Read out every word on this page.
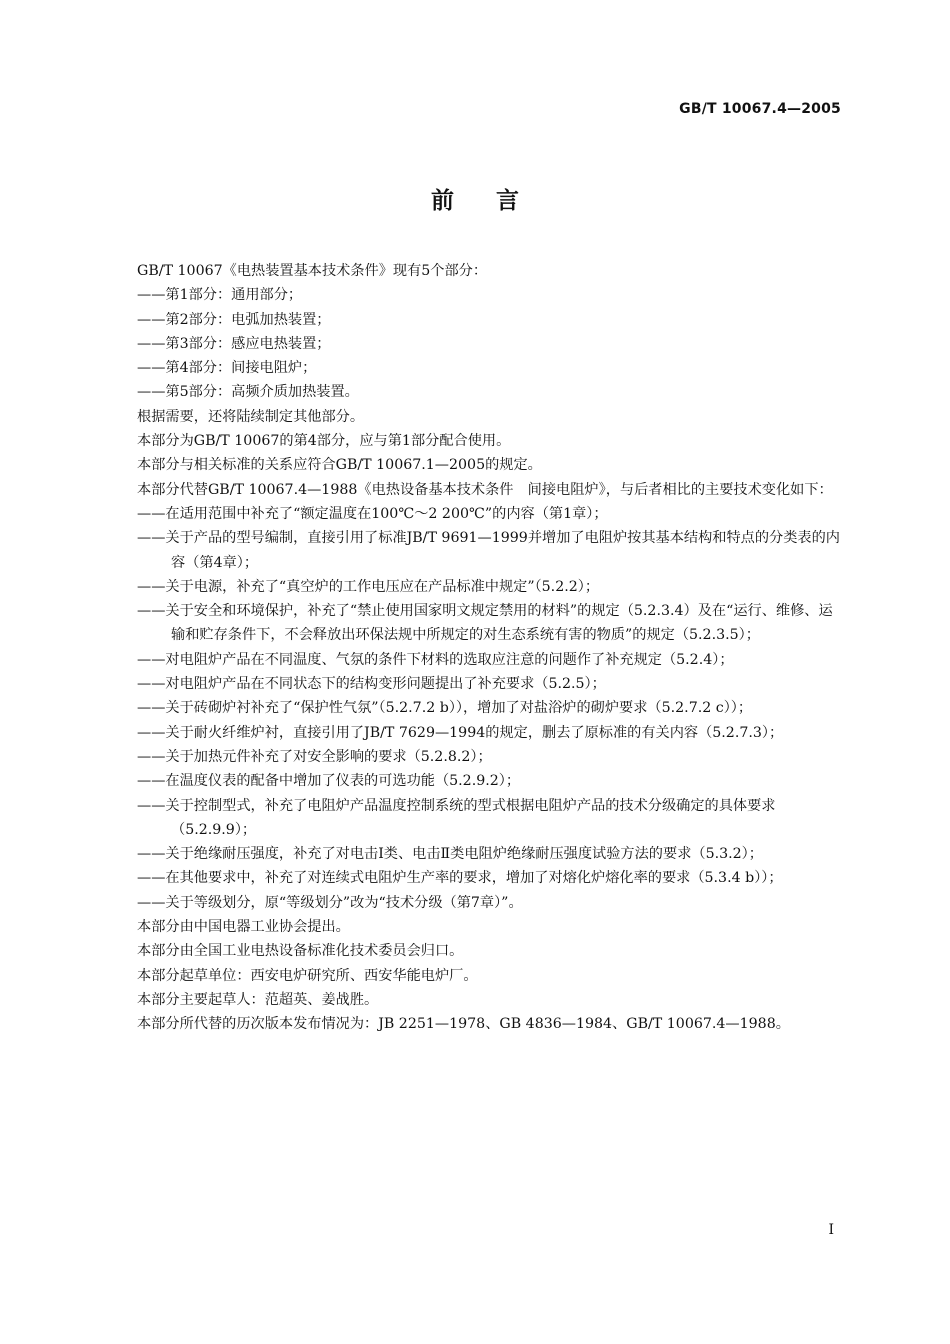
GB/T 10067.4—2005
前言

GB/T 10067《电热装置基本技术条件》现有5个部分：

——第1部分：通用部分；

——第2部分：电弧加热装置；

——第3部分：感应电热装置；

——第4部分：间接电阻炉；

——第5部分：高频介质加热装置。

根据需要，还将陆续制定其他部分。

本部分为GB/T 10067的第4部分，应与第1部分配合使用。

本部分与相关标准的关系应符合GB/T 10067.1—2005的规定。

本部分代替GB/T 10067.4—1988《电热设备基本技术条件　间接电阻炉》，与后者相比的主要技术变化如下：

——在适用范围中补充了“额定温度在100℃～2 200℃”的内容（第1章）；

——关于产品的型号编制，直接引用了标准JB/T 9691—1999并增加了电阻炉按其基本结构和特点的分类表的内容（第4章）；

——关于电源，补充了“真空炉的工作电压应在产品标准中规定”（5.2.2）；

——关于安全和环境保护，补充了“禁止使用国家明文规定禁用的材料”的规定（5.2.3.4）及在“运行、维修、运输和贮存条件下，不会释放出环保法规中所规定的对生态系统有害的物质”的规定（5.2.3.5）；

——对电阻炉产品在不同温度、气氛的条件下材料的选取应注意的问题作了补充规定（5.2.4）；

——对电阻炉产品在不同状态下的结构变形问题提出了补充要求（5.2.5）；

——关于砖砌炉衬补充了“保护性气氛”（5.2.7.2 b）），增加了对盐浴炉的砌炉要求（5.2.7.2 c））；

——关于耐火纤维炉衬，直接引用了JB/T 7629—1994的规定，删去了原标准的有关内容（5.2.7.3）；

——关于加热元件补充了对安全影响的要求（5.2.8.2）；

——在温度仪表的配备中增加了仪表的可选功能（5.2.9.2）；

——关于控制型式，补充了电阻炉产品温度控制系统的型式根据电阻炉产品的技术分级确定的具体要求（5.2.9.9）；

——关于绝缘耐压强度，补充了对电击Ⅰ类、电击Ⅱ类电阻炉绝缘耐压强度试验方法的要求（5.3.2）；

——在其他要求中，补充了对连续式电阻炉生产率的要求，增加了对熔化炉熔化率的要求（5.3.4 b））；

——关于等级划分，原“等级划分”改为“技术分级（第7章）”。

本部分由中国电器工业协会提出。

本部分由全国工业电热设备标准化技术委员会归口。

本部分起草单位：西安电炉研究所、西安华能电炉厂。

本部分主要起草人：范超英、姜战胜。

本部分所代替的历次版本发布情况为：JB 2251—1978、GB 4836—1984、GB/T 10067.4—1988。

I
